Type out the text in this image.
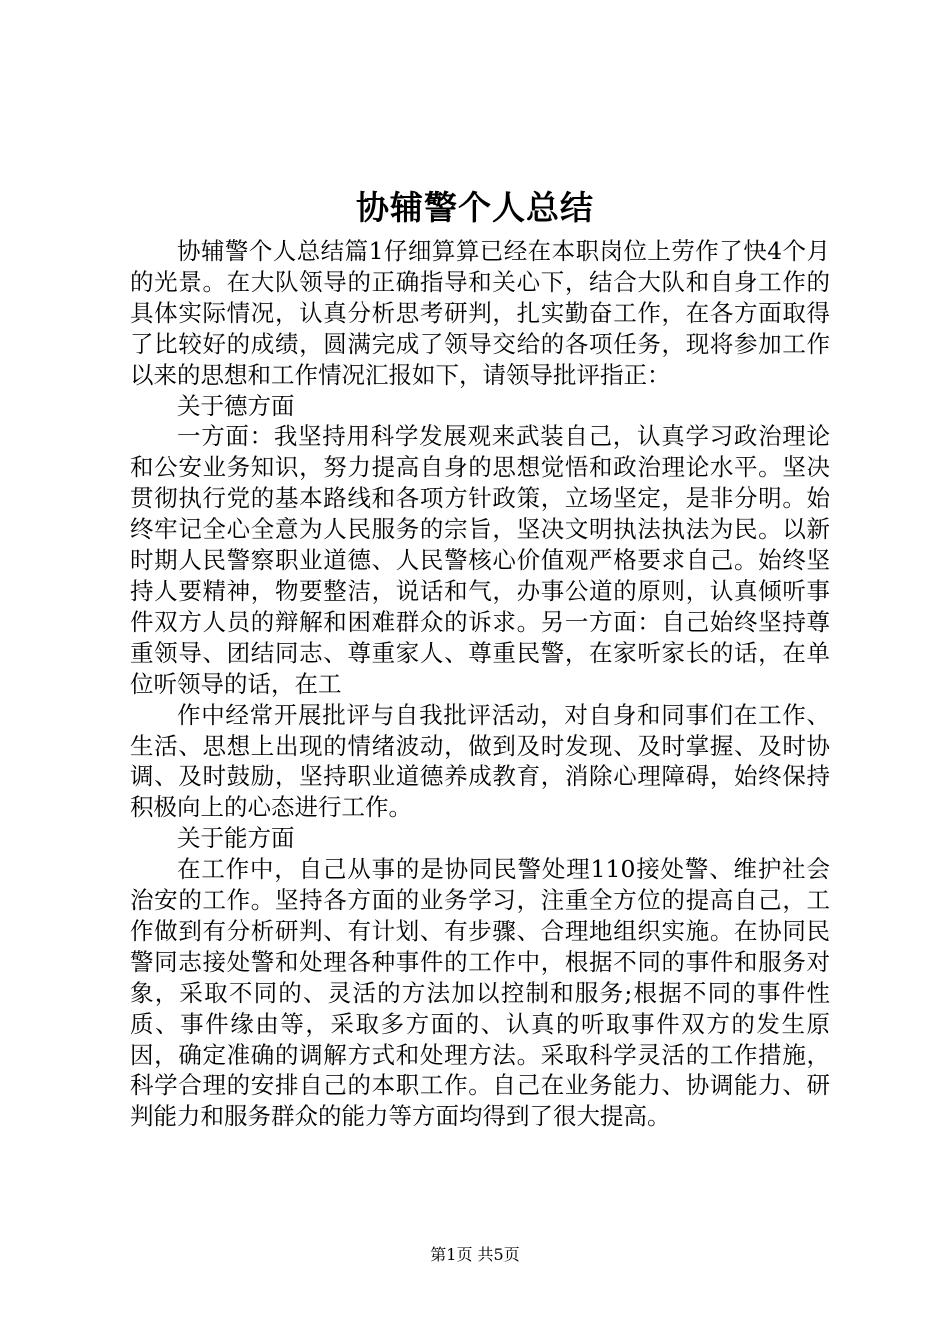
协辅警个人总结

协辅警个人总结篇1仔细算算已经在本职岗位上劳作了快4个月的光景。在大队领导的正确指导和关心下，结合大队和自身工作的具体实际情况，认真分析思考研判，扎实勤奋工作，在各方面取得了比较好的成绩，圆满完成了领导交给的各项任务，现将参加工作以来的思想和工作情况汇报如下，请领导批评指正：

关于德方面

一方面：我坚持用科学发展观来武装自己，认真学习政治理论和公安业务知识，努力提高自身的思想觉悟和政治理论水平。坚决贯彻执行党的基本路线和各项方针政策，立场坚定，是非分明。始终牢记全心全意为人民服务的宗旨，坚决文明执法执法为民。以新时期人民警察职业道德、人民警核心价值观严格要求自己。始终坚持人要精神，物要整洁，说话和气，办事公道的原则，认真倾听事件双方人员的辩解和困难群众的诉求。另一方面：自己始终坚持尊重领导、团结同志、尊重家人、尊重民警，在家听家长的话，在单位听领导的话，在工

作中经常开展批评与自我批评活动，对自身和同事们在工作、生活、思想上出现的情绪波动，做到及时发现、及时掌握、及时协调、及时鼓励，坚持职业道德养成教育，消除心理障碍，始终保持积极向上的心态进行工作。

关于能方面

在工作中，自己从事的是协同民警处理110接处警、维护社会治安的工作。坚持各方面的业务学习，注重全方位的提高自己，工作做到有分析研判、有计划、有步骤、合理地组织实施。在协同民警同志接处警和处理各种事件的工作中，根据不同的事件和服务对象，采取不同的、灵活的方法加以控制和服务;根据不同的事件性质、事件缘由等，采取多方面的、认真的听取事件双方的发生原因，确定准确的调解方式和处理方法。采取科学灵活的工作措施，科学合理的安排自己的本职工作。自己在业务能力、协调能力、研判能力和服务群众的能力等方面均得到了很大提高。

第1页 共5页
